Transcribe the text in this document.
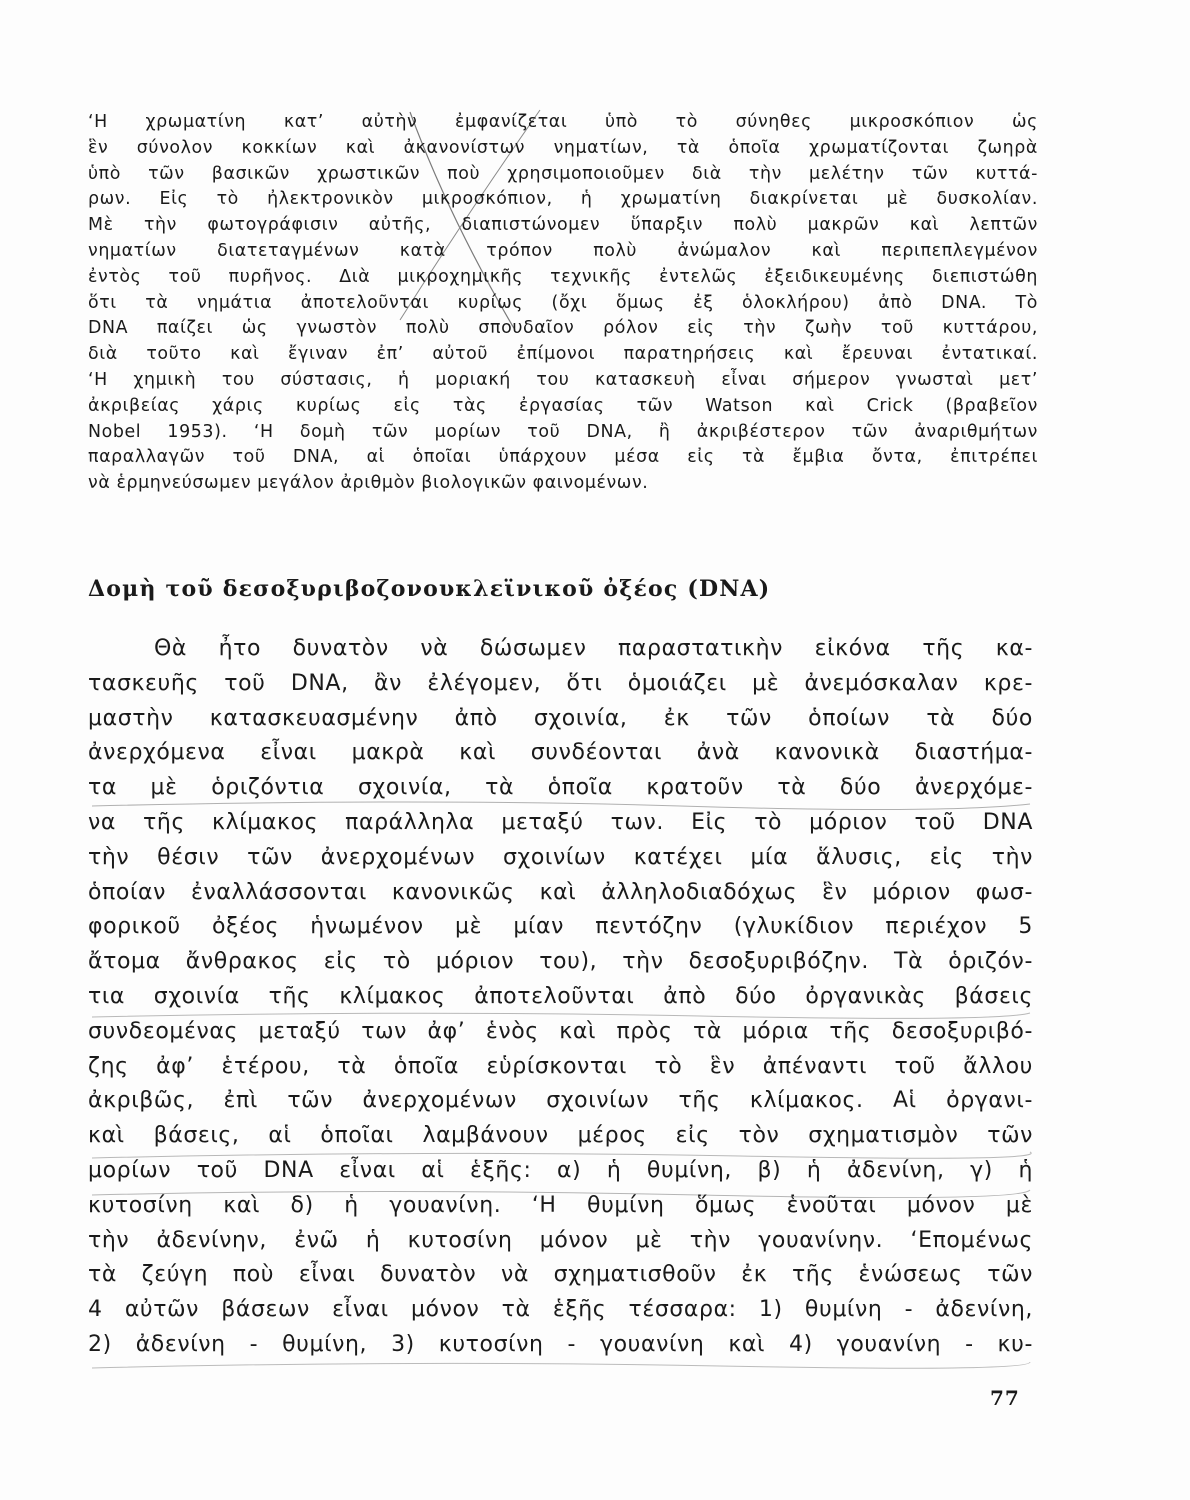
‘Η χρωματίνη κατ’ αὐτὴν ἐμφανίζεται ὑπὸ τὸ σύνηθες μικροσκόπιον ὡς
ἓν σύνολον κοκκίων καὶ ἀκανονίστων νηματίων, τὰ ὁποῖα χρωματίζονται ζωηρὰ
ὑπὸ τῶν βασικῶν χρωστικῶν ποὺ χρησιμοποιοῦμεν διὰ τὴν μελέτην τῶν κυττά-
ρων. Εἰς τὸ ἠλεκτρονικὸν μικροσκόπιον, ἡ χρωματίνη διακρίνεται μὲ δυσκολίαν.
Μὲ τὴν φωτογράφισιν αὐτῆς, διαπιστώνομεν ὕπαρξιν πολὺ μακρῶν καὶ λεπτῶν
νηματίων διατεταγμένων κατὰ τρόπον πολὺ ἀνώμαλον καὶ περιπεπλεγμένον
ἐντὸς τοῦ πυρῆνος. Διὰ μικροχημικῆς τεχνικῆς ἐντελῶς ἐξειδικευμένης διεπιστώθη
ὅτι τὰ νημάτια ἀποτελοῦνται κυρίως (ὄχι ὅμως ἐξ ὁλοκλήρου) ἀπὸ DNA. Τὸ
DNA παίζει ὡς γνωστὸν πολὺ σπουδαῖον ρόλον εἰς τὴν ζωὴν τοῦ κυττάρου,
διὰ τοῦτο καὶ ἔγιναν ἐπ’ αὐτοῦ ἐπίμονοι παρατηρήσεις καὶ ἔρευναι ἐντατικαί.
‘Η χημικὴ του σύστασις, ἡ μοριακή του κατασκευὴ εἶναι σήμερον γνωσταὶ μετ’
ἀκριβείας χάρις κυρίως εἰς τὰς ἐργασίας τῶν Watson καὶ Crick (βραβεῖον
Nobel 1953). ‘Η δομὴ τῶν μορίων τοῦ DNA, ἢ ἀκριβέστερον τῶν ἀναριθμήτων
παραλλαγῶν τοῦ DNA, αἱ ὁποῖαι ὑπάρχουν μέσα εἰς τὰ ἔμβια ὄντα, ἐπιτρέπει
νὰ ἑρμηνεύσωμεν μεγάλον ἀριθμὸν βιολογικῶν φαινομένων.
Δομὴ τοῦ δεσοξυριβοζονουκλεϊνικοῦ ὀξέος (DNA)
Θὰ ἦτο δυνατὸν νὰ δώσωμεν παραστατικὴν εἰκόνα τῆς κα-
τασκευῆς τοῦ DNA, ἂν ἐλέγομεν, ὅτι ὁμοιάζει μὲ ἀνεμόσκαλαν κρε-
μαστὴν κατασκευασμένην ἀπὸ σχοινία, ἐκ τῶν ὁποίων τὰ δύο
ἀνερχόμενα εἶναι μακρὰ καὶ συνδέονται ἀνὰ κανονικὰ διαστήμα-
τα μὲ ὁριζόντια σχοινία, τὰ ὁποῖα κρατοῦν τὰ δύο ἀνερχόμε-
να τῆς κλίμακος παράλληλα μεταξύ των. Εἰς τὸ μόριον τοῦ DNA
τὴν θέσιν τῶν ἀνερχομένων σχοινίων κατέχει μία ἅλυσις, εἰς τὴν
ὁποίαν ἐναλλάσσονται κανονικῶς καὶ ἀλληλοδιαδόχως ἓν μόριον φωσ-
φορικοῦ ὀξέος ἡνωμένον μὲ μίαν πεντόζην (γλυκίδιον περιέχον 5
ἄτομα ἄνθρακος εἰς τὸ μόριον του), τὴν δεσοξυριβόζην. Τὰ ὁριζόν-
τια σχοινία τῆς κλίμακος ἀποτελοῦνται ἀπὸ δύο ὀργανικὰς βάσεις
συνδεομένας μεταξύ των ἀφ’ ἑνὸς καὶ πρὸς τὰ μόρια τῆς δεσοξυριβό-
ζης ἀφ’ ἑτέρου, τὰ ὁποῖα εὑρίσκονται τὸ ἓν ἀπέναντι τοῦ ἄλλου
ἀκριβῶς, ἐπὶ τῶν ἀνερχομένων σχοινίων τῆς κλίμακος. Αἱ ὀργανι-
καὶ βάσεις, αἱ ὁποῖαι λαμβάνουν μέρος εἰς τὸν σχηματισμὸν τῶν
μορίων τοῦ DNA εἶναι αἱ ἑξῆς: α) ἡ θυμίνη, β) ἡ ἀδενίνη, γ) ἡ
κυτοσίνη καὶ δ) ἡ γουανίνη. ‘Η θυμίνη ὅμως ἑνοῦται μόνον μὲ
τὴν ἀδενίνην, ἐνῶ ἡ κυτοσίνη μόνον μὲ τὴν γουανίνην. ‘Επομένως
τὰ ζεύγη ποὺ εἶναι δυνατὸν νὰ σχηματισθοῦν ἐκ τῆς ἑνώσεως τῶν
4 αὐτῶν βάσεων εἶναι μόνον τὰ ἑξῆς τέσσαρα: 1) θυμίνη - ἀδενίνη,
2) ἀδενίνη - θυμίνη, 3) κυτοσίνη - γουανίνη καὶ 4) γουανίνη - κυ-
77
